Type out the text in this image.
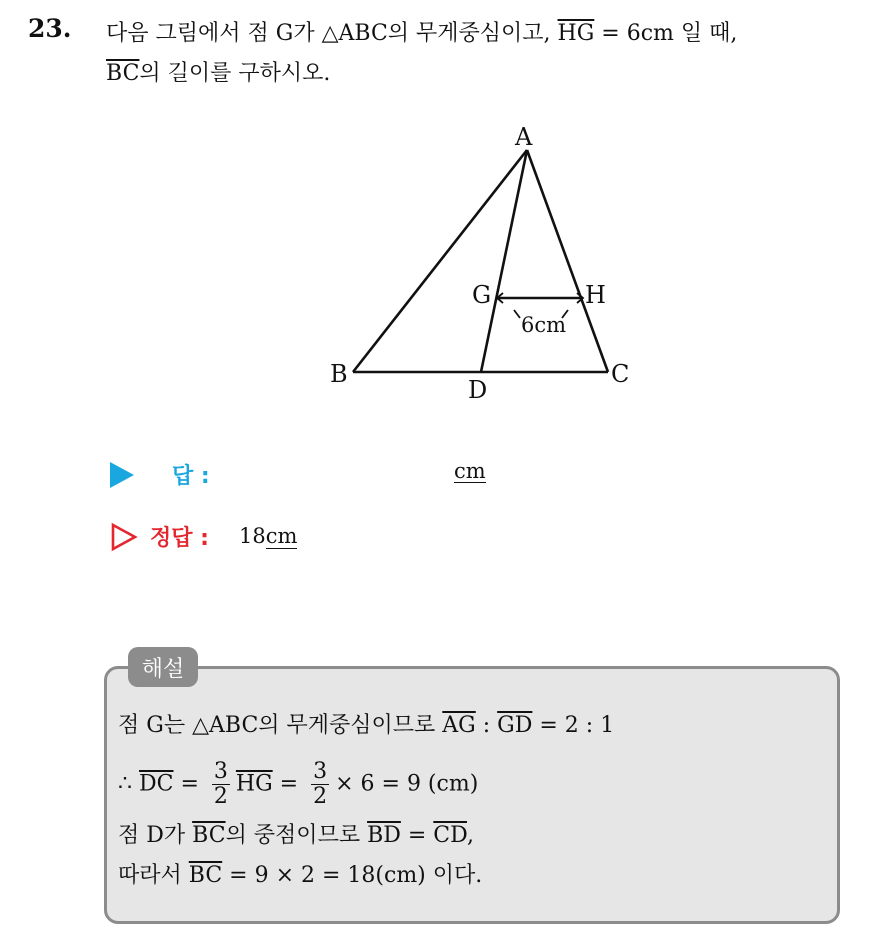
23. 다음 그림에서 점 G가 △ABC의 무게중심이고, $\overline{HG} = 6cm$ 일 때,
$\overline{BC}$의 길이를 구하시오.
A
B	C
D
G	H
6cm
답 :	cm
정답 : 18cm
해설
점 G는 △ABC의 무게중심이므로 $\overline{AG}$ : $\overline{GD} = 2$ : 1
∴ $\overline{DC} = \frac{3}{2} \overline{HG} = \frac{3}{2} \times 6 = 9$ (cm)
점 D가 $\overline{BC}$의 중점이므로 $\overline{BD} = \overline{CD}$,
따라서 $\overline{BC} = 9 \times 2 = 18(cm)$ 이다.
